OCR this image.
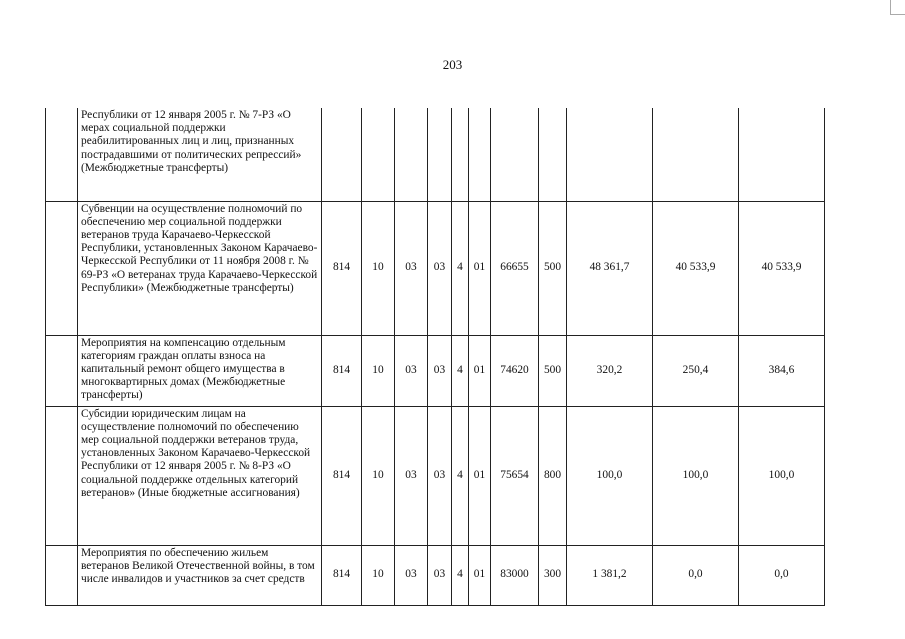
203
	Республики от 12 января 2005 г. № 7-РЗ «О мерах социальной поддержки реабилитированных лиц и лиц, признанных пострадавшими от политических репрессий» (Межбюджетные трансферты)											
	Субвенции на осуществление полномочий по обеспечению мер социальной поддержки ветеранов труда Карачаево-Черкесской Республики, установленных Законом Карачаево-Черкесской Республики от 11 ноября 2008 г. № 69-РЗ «О ветеранах труда Карачаево-Черкесской Республики» (Межбюджетные трансферты)	814	10	03	03	4	01	66655	500	48 361,7	40 533,9	40 533,9
	Мероприятия на компенсацию отдельным категориям граждан оплаты взноса на капитальный ремонт общего имущества в многоквартирных домах (Межбюджетные трансферты)	814	10	03	03	4	01	74620	500	320,2	250,4	384,6
	Субсидии юридическим лицам на осуществление полномочий по обеспечению мер социальной поддержки ветеранов труда, установленных Законом Карачаево-Черкесской Республики от 12 января 2005 г. № 8-РЗ «О социальной поддержке отдельных категорий ветеранов» (Иные бюджетные ассигнования)	814	10	03	03	4	01	75654	800	100,0	100,0	100,0
	Мероприятия по обеспечению жильем ветеранов Великой Отечественной войны, в том числе инвалидов и участников за счет средств	814	10	03	03	4	01	83000	300	1 381,2	0,0	0,0
